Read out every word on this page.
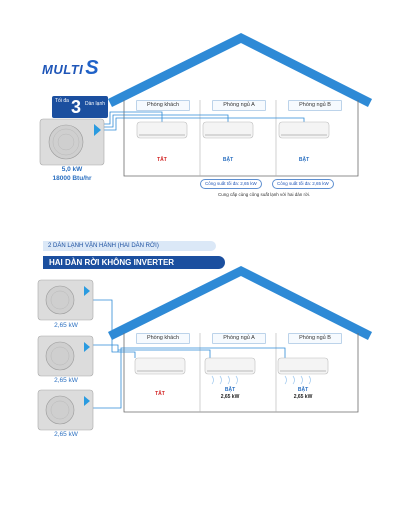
MULTI S
Tối đa 3 Dàn lạnh
5,0 kW
18000 Btu/hr
Phòng khách	Phòng ngủ A	Phòng ngủ B
TẮT	BẬT	BẬT
Công suất tối đa: 2,65 kW	Công suất tối đa: 2,65 kW
Cung cấp cùng công suất lạnh với hai dàn rời.
2 DÀN LẠNH VẬN HÀNH (HAI DÀN RỜI)
HAI DÀN RỜI KHÔNG INVERTER
2,65 kW
2,65 kW
2,65 kW
Phòng khách	Phòng ngủ A	Phòng ngủ B
TẮT
BẬT	BẬT
2,65 kW	2,65 kW
